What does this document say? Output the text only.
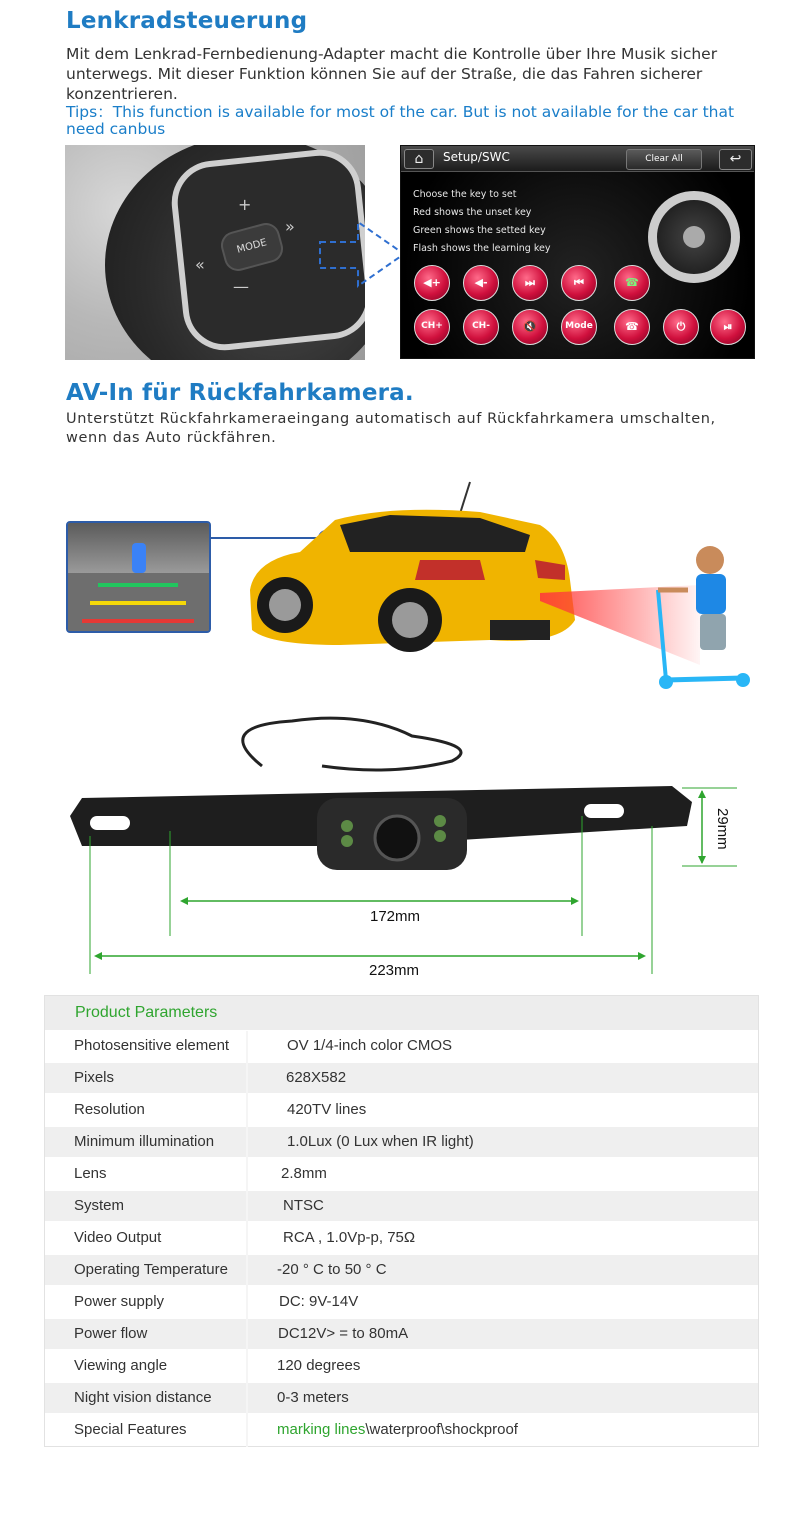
Lenkradsteuerung
Mit dem Lenkrad-Fernbedienung-Adapter macht die Kontrolle über Ihre Musik sicher unterwegs. Mit dieser Funktion können Sie auf der Straße, die das Fahren sicherer konzentrieren.
Tips：This function is available for most of the car. But is not available for the car that need canbus
MODE
+
—
»
«
⌂	Setup/SWC	Clear All	↩
Choose the key to set
Red shows the unset key
Green shows the setted key
Flash shows the learning key
◀+	◀-	⏭	⏮	☎
CH+	CH-	🔇	Mode	☎	⏻	⏯
AV-In für Rückfahrkamera.
Unterstützt Rückfahrkameraeingang automatisch auf Rückfahrkamera umschalten, wenn das Auto rückfähren.
29mm
172mm
223mm
Product Parameters
Photosensitive element	OV 1/4-inch color CMOS
Pixels	628X582
Resolution	420TV lines
Minimum illumination	1.0Lux (0 Lux when IR light)
Lens	2.8mm
System	NTSC
Video Output	RCA , 1.0Vp-p, 75Ω
Operating Temperature	-20 ° C to 50 ° C
Power supply	DC: 9V-14V
Power flow	DC12V> = to 80mA
Viewing angle	120 degrees
Night vision distance	0-3 meters
Special Features	marking lines\waterproof\shockproof
